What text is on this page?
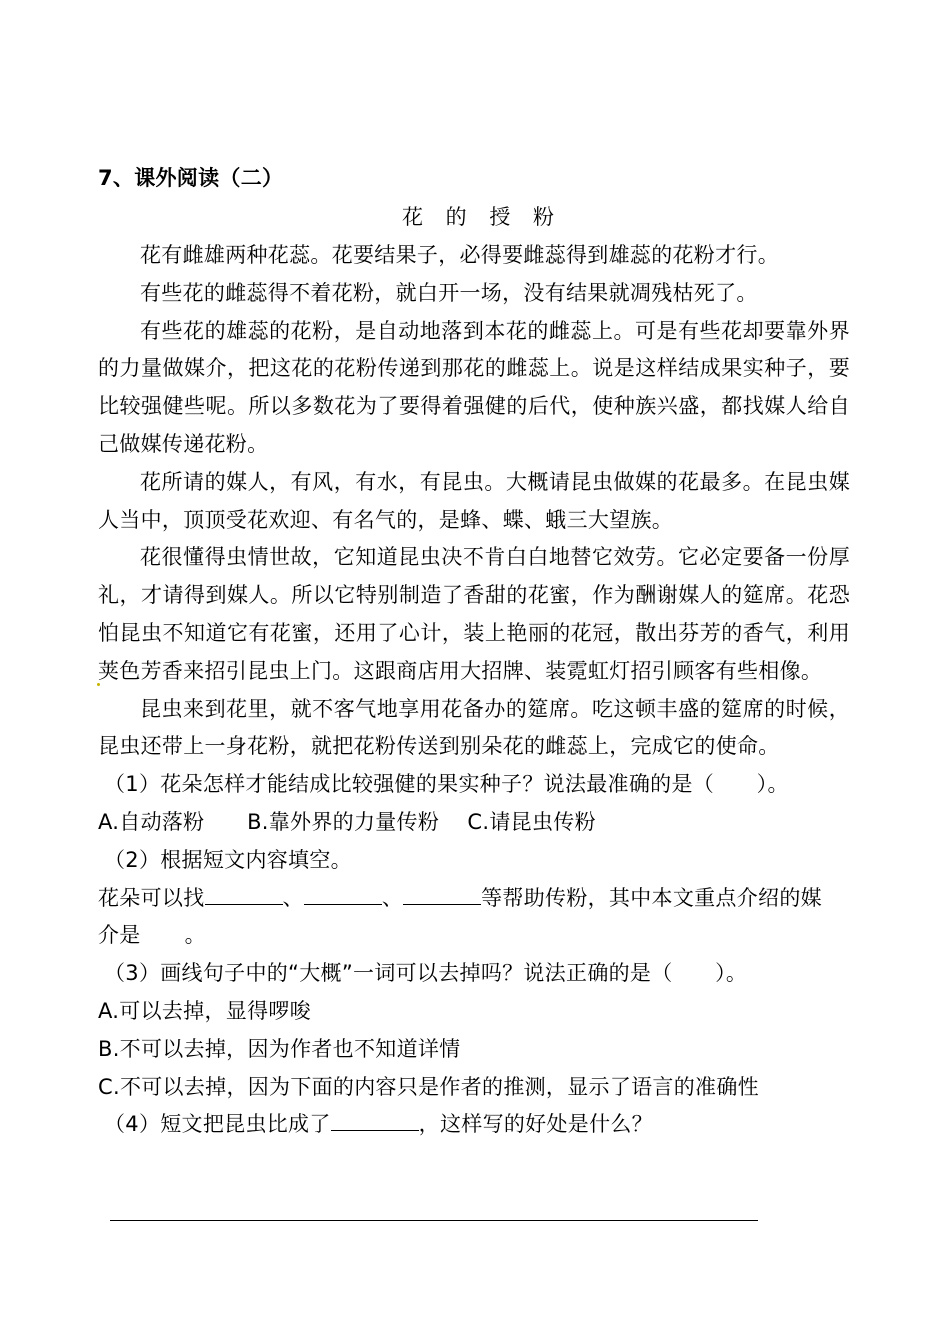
7、课外阅读（二）
花 的 授 粉

花有雌雄两种花蕊。花要结果子，必得要雌蕊得到雄蕊的花粉才行。

有些花的雌蕊得不着花粉，就白开一场，没有结果就凋残枯死了。

有些花的雄蕊的花粉，是自动地落到本花的雌蕊上。可是有些花却要靠外界的力量做媒介，把这花的花粉传递到那花的雌蕊上。说是这样结成果实种子，要比较强健些呢。所以多数花为了要得着强健的后代，使种族兴盛，都找媒人给自己做媒传递花粉。

花所请的媒人，有风，有水，有昆虫。大概请昆虫做媒的花最多。在昆虫媒人当中，顶顶受花欢迎、有名气的，是蜂、蝶、蛾三大望族。

花很懂得虫情世故，它知道昆虫决不肯白白地替它效劳。它必定要备一份厚礼，才请得到媒人。所以它特别制造了香甜的花蜜，作为酬谢媒人的筵席。花恐怕昆虫不知道它有花蜜，还用了心计，装上艳丽的花冠，散出芬芳的香气，利用荚色芳香来招引昆虫上门。这跟商店用大招牌、装霓虹灯招引顾客有些相像。

昆虫来到花里，就不客气地享用花备办的筵席。吃这顿丰盛的筵席的时候，昆虫还带上一身花粉，就把花粉传送到别朵花的雌蕊上，完成它的使命。

（1）花朵怎样才能结成比较强健的果实种子？说法最准确的是（　　）。

A.自动落粉　　B.靠外界的力量传粉　 C.请昆虫传粉

（2）根据短文内容填空。

花朵可以找	、	、	等帮助传粉，其中本文重点介绍的媒

介是 。

（3）画线句子中的“大概”一词可以去掉吗？说法正确的是（　　）。

A.可以去掉，显得啰唆

B.不可以去掉，因为作者也不知道详情

C.不可以去掉，因为下面的内容只是作者的推测，显示了语言的准确性

（4）短文把昆虫比成了	，这样写的好处是什么？
